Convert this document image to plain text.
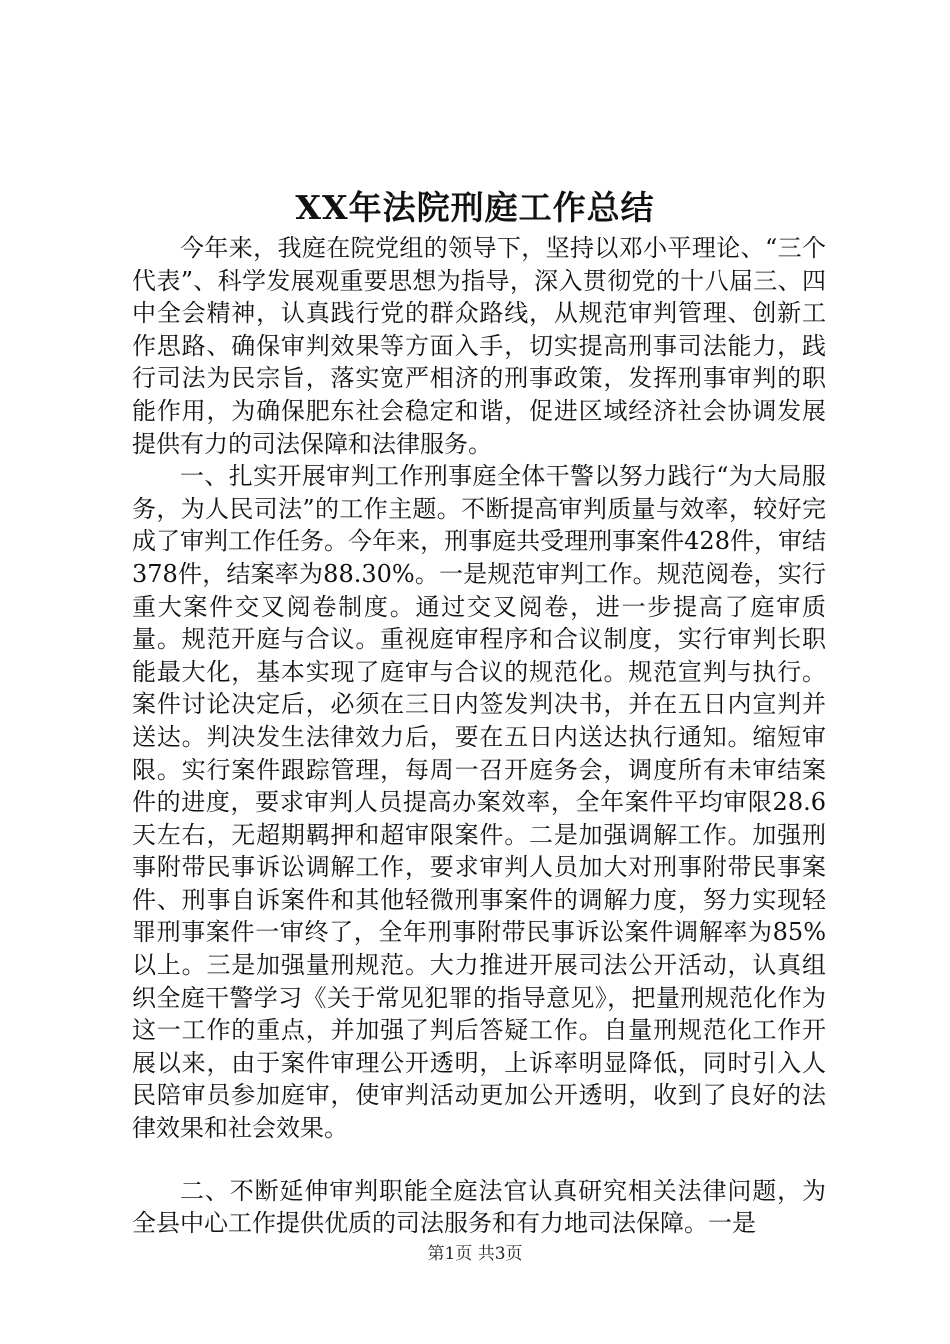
XX年法院刑庭工作总结

今年来，我庭在院党组的领导下，坚持以邓小平理论、“三个代表”、科学发展观重要思想为指导，深入贯彻党的十八届三、四中全会精神，认真践行党的群众路线，从规范审判管理、创新工作思路、确保审判效果等方面入手，切实提高刑事司法能力，践行司法为民宗旨，落实宽严相济的刑事政策，发挥刑事审判的职能作用，为确保肥东社会稳定和谐，促进区域经济社会协调发展提供有力的司法保障和法律服务。

一、扎实开展审判工作刑事庭全体干警以努力践行“为大局服务，为人民司法”的工作主题。不断提高审判质量与效率，较好完成了审判工作任务。今年来，刑事庭共受理刑事案件428件，审结378件，结案率为88.30%。一是规范审判工作。规范阅卷，实行重大案件交叉阅卷制度。通过交叉阅卷，进一步提高了庭审质量。规范开庭与合议。重视庭审程序和合议制度，实行审判长职能最大化，基本实现了庭审与合议的规范化。规范宣判与执行。案件讨论决定后，必须在三日内签发判决书，并在五日内宣判并送达。判决发生法律效力后，要在五日内送达执行通知。缩短审限。实行案件跟踪管理，每周一召开庭务会，调度所有未审结案件的进度，要求审判人员提高办案效率，全年案件平均审限28.6天左右，无超期羁押和超审限案件。二是加强调解工作。加强刑事附带民事诉讼调解工作，要求审判人员加大对刑事附带民事案件、刑事自诉案件和其他轻微刑事案件的调解力度，努力实现轻罪刑事案件一审终了，全年刑事附带民事诉讼案件调解率为85%以上。三是加强量刑规范。大力推进开展司法公开活动，认真组织全庭干警学习《关于常见犯罪的指导意见》，把量刑规范化作为这一工作的重点，并加强了判后答疑工作。自量刑规范化工作开展以来，由于案件审理公开透明，上诉率明显降低，同时引入人民陪审员参加庭审，使审判活动更加公开透明，收到了良好的法律效果和社会效果。

二、不断延伸审判职能全庭法官认真研究相关法律问题，为全县中心工作提供优质的司法服务和有力地司法保障。一是

第1页 共3页
